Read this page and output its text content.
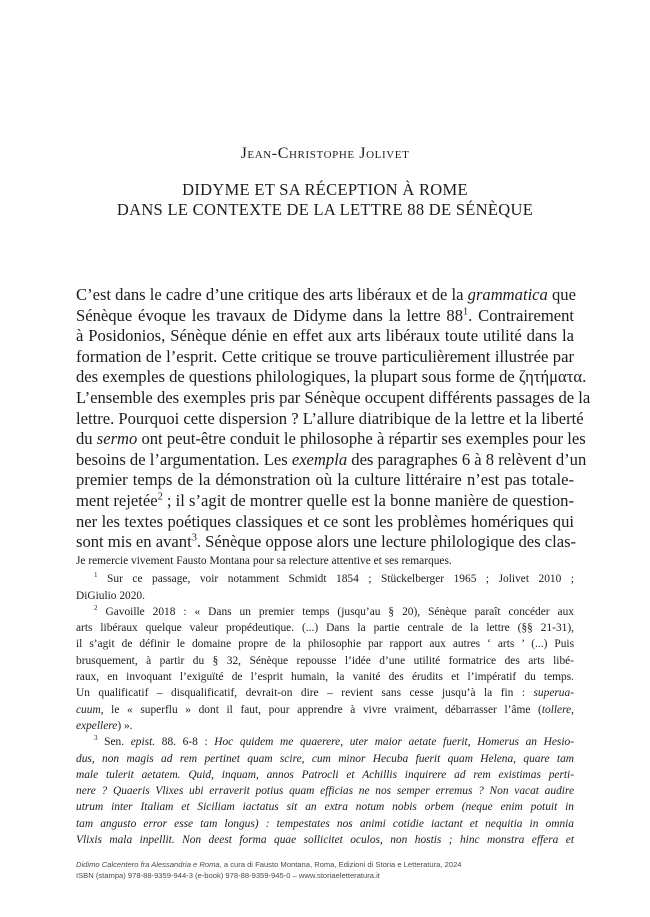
Jean-Christophe Jolivet
DIDYME ET SA RÉCEPTION À ROME
DANS LE CONTEXTE DE LA LETTRE 88 DE SÉNÈQUE
C’est dans le cadre d’une critique des arts libéraux et de la grammatica que
Sénèque évoque les travaux de Didyme dans la lettre $88^1$. Contrairement
à Posidonios, Sénèque dénie en effet aux arts libéraux toute utilité dans la
formation de l’esprit. Cette critique se trouve particulièrement illustrée par
des exemples de questions philologiques, la plupart sous forme de ζητήματα.
L’ensemble des exemples pris par Sénèque occupent différents passages de la
lettre. Pourquoi cette dispersion ? L’allure diatribique de la lettre et la liberté
du sermo ont peut-être conduit le philosophe à répartir ses exemples pour les
besoins de l’argumentation. Les exempla des paragraphes 6 à 8 relèvent d’un
premier temps de la démonstration où la culture littéraire n’est pas totale-
ment rejetée$^2$ ; il s’agit de montrer quelle est la bonne manière de question-
ner les textes poétiques classiques et ce sont les problèmes homériques qui
sont mis en avant$^3$. Sénèque oppose alors une lecture philologique des clas-
Je remercie vivement Fausto Montana pour sa relecture attentive et ses remarques.
$^1$ Sur ce passage, voir notamment Schmidt 1854 ; Stückelberger 1965 ; Jolivet 2010 ;
DiGiulio 2020.
$^2$ Gavoille 2018 : « Dans un premier temps (jusqu’au § 20), Sénèque paraît concéder aux
arts libéraux quelque valeur propédeutique. (...) Dans la partie centrale de la lettre (§§ 21-31),
il s’agit de définir le domaine propre de la philosophie par rapport aux autres ‘ arts ’ (...) Puis
brusquement, à partir du § 32, Sénèque repousse l’idée d’une utilité formatrice des arts libé-
raux, en invoquant l’exiguïté de l’esprit humain, la vanité des érudits et l’impératif du temps.
Un qualificatif – disqualificatif, devrait-on dire – revient sans cesse jusqu’à la fin : superua-
cuum, le « superflu » dont il faut, pour apprendre à vivre vraiment, débarrasser l’âme (tollere,
expellere) ».
$^3$ Sen. epist. 88. 6-8 : Hoc quidem me quaerere, uter maior aetate fuerit, Homerus an Hesio-
dus, non magis ad rem pertinet quam scire, cum minor Hecuba fuerit quam Helena, quare tam
male tulerit aetatem. Quid, inquam, annos Patrocli et Achillis inquirere ad rem existimas perti-
nere ? Quaeris Vlixes ubi erraverit potius quam efficias ne nos semper erremus ? Non vacat audire
utrum inter Italiam et Siciliam iactatus sit an extra notum nobis orbem (neque enim potuit in
tam angusto error esse tam longus) : tempestates nos animi cotidie iactant et nequitia in omnia
Vlixis mala inpellit. Non deest forma quae sollicitet oculos, non hostis ; hinc monstra effera et
Didimo Calcentero fra Alessandria e Roma, a cura di Fausto Montana, Roma, Edizioni di Storia e Letteratura, 2024
ISBN (stampa) 978-88-9359-944-3 (e-book) 978-88-9359-945-0 – www.storiaeletteratura.it
